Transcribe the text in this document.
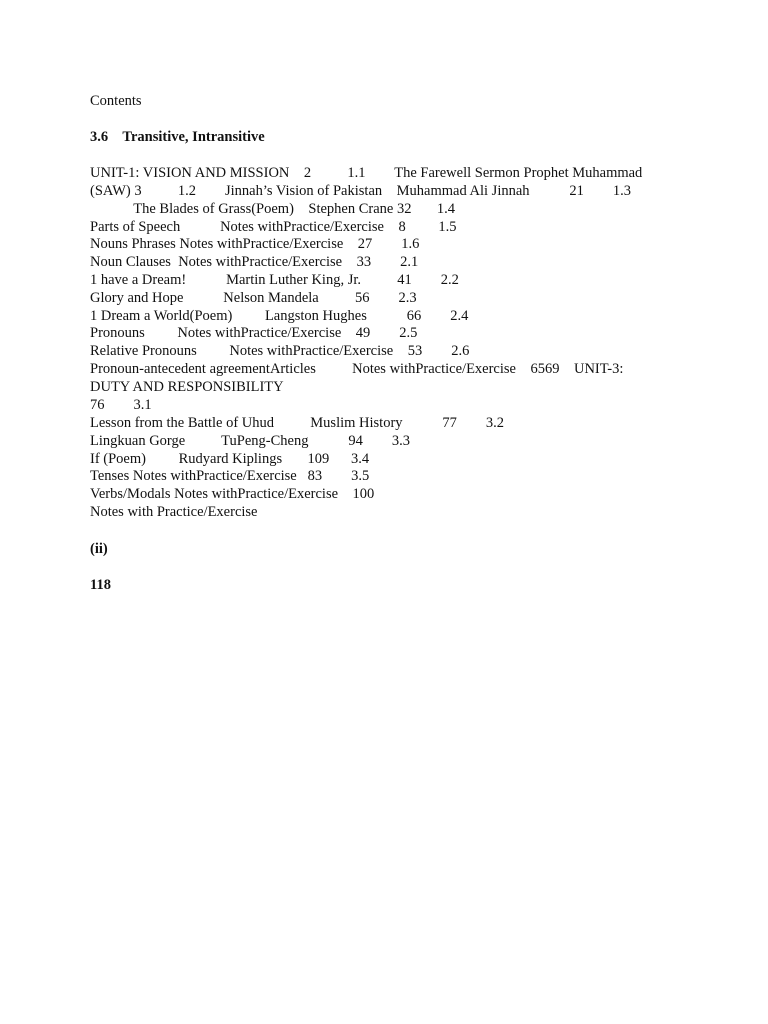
Contents
3.6    Transitive, Intransitive
UNIT-1: VISION AND MISSION    2          1.1        The Farewell Sermon Prophet Muhammad
(SAW) 3          1.2        Jinnah’s Vision of Pakistan    Muhammad Ali Jinnah           21        1.3
The Blades of Grass(Poem)    Stephen Crane 32       1.4
Parts of Speech           Notes withPractice/Exercise    8         1.5
Nouns Phrases Notes withPractice/Exercise    27        1.6
Noun Clauses  Notes withPractice/Exercise    33        2.1
1 have a Dream!           Martin Luther King, Jr.          41        2.2
Glory and Hope           Nelson Mandela          56        2.3
1 Dream a World(Poem)         Langston Hughes           66        2.4
Pronouns         Notes withPractice/Exercise    49        2.5
Relative Pronouns         Notes withPractice/Exercise    53        2.6
Pronoun-antecedent agreementArticles          Notes withPractice/Exercise    6569    UNIT-3:
DUTY AND RESPONSIBILITY
76        3.1
Lesson from the Battle of Uhud          Muslim History           77        3.2
Lingkuan Gorge          TuPeng-Cheng           94        3.3
If (Poem)         Rudyard Kiplings       109      3.4
Tenses Notes withPractice/Exercise   83        3.5
Verbs/Modals Notes withPractice/Exercise    100
Notes with Practice/Exercise
(ii)
118
